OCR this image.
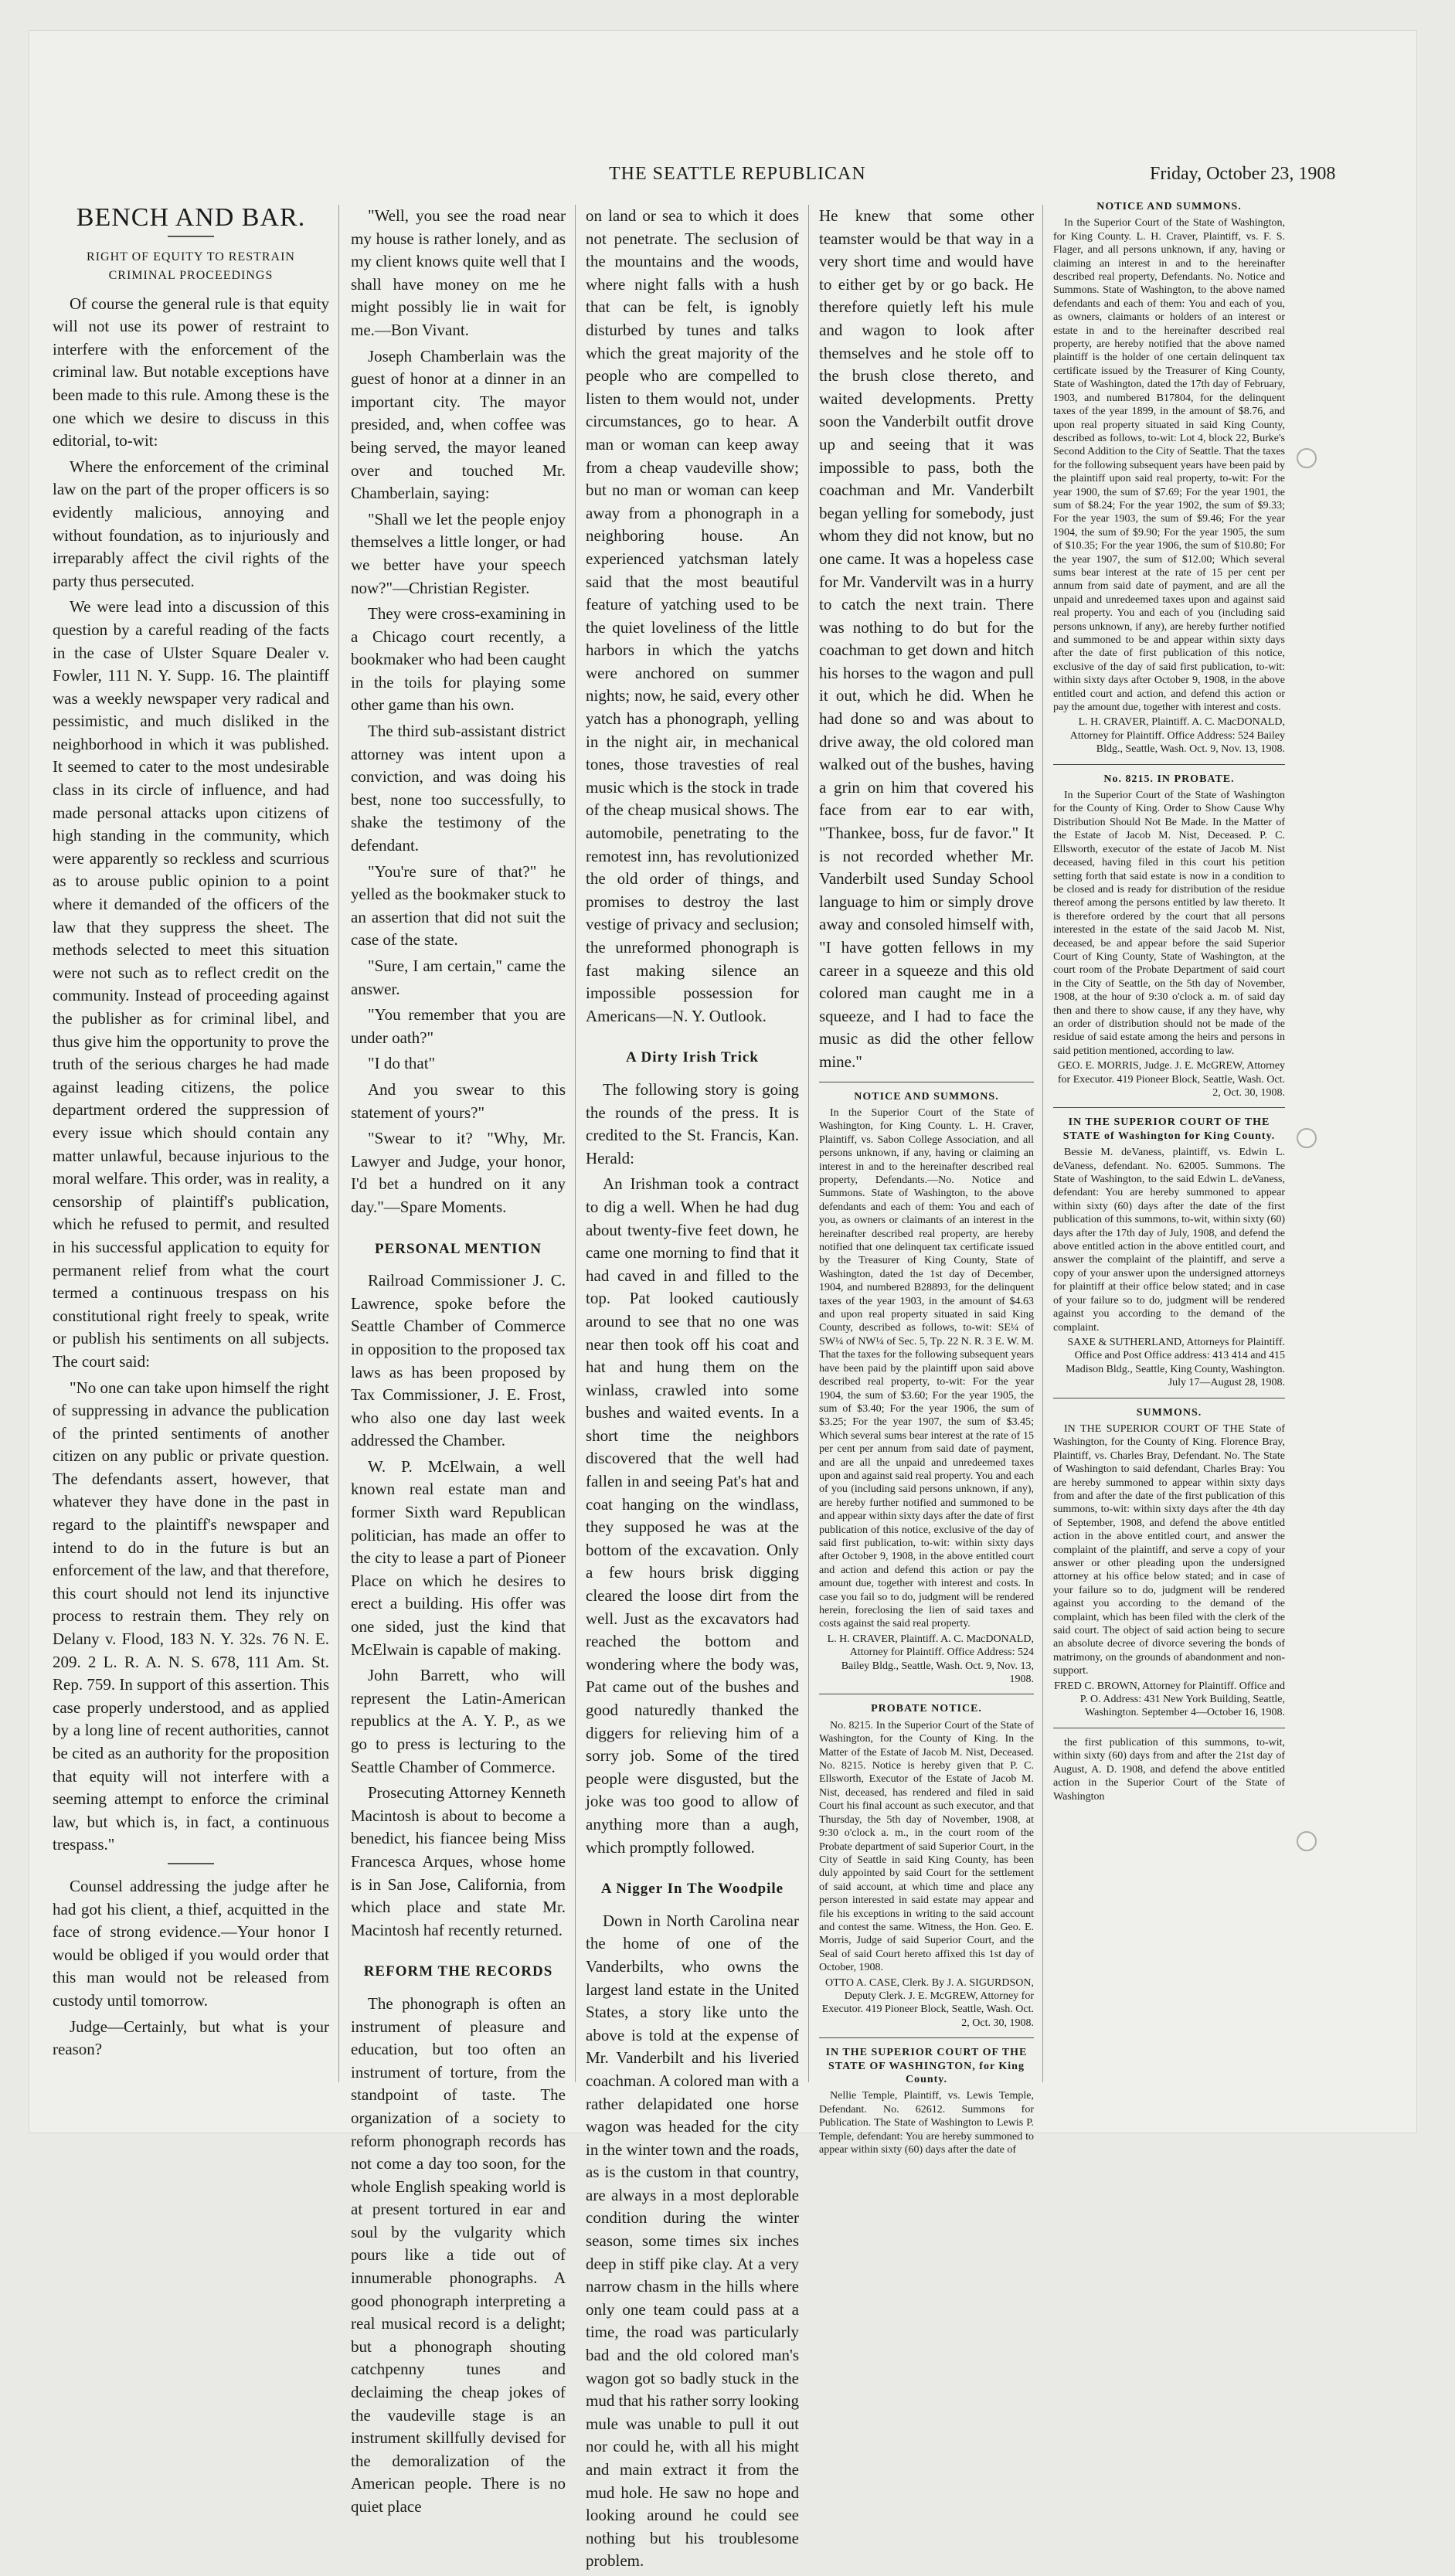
THE SEATTLE REPUBLICAN	Friday, October 23, 1908
BENCH AND BAR.
RIGHT OF EQUITY TO RESTRAIN CRIMINAL PROCEEDINGS

Of course the general rule is that equity will not use its power of restraint to interfere with the enforcement of the criminal law. But notable exceptions have been made to this rule. Among these is the one which we desire to discuss in this editorial, to-wit:

Where the enforcement of the criminal law on the part of the proper officers is so evidently malicious, annoying and without foundation, as to injuriously and irreparably affect the civil rights of the party thus persecuted.

We were lead into a discussion of this question by a careful reading of the facts in the case of Ulster Square Dealer v. Fowler, 111 N. Y. Supp. 16. The plaintiff was a weekly newspaper very radical and pessimistic, and much disliked in the neighborhood in which it was published. It seemed to cater to the most undesirable class in its circle of influence, and had made personal attacks upon citizens of high standing in the community, which were apparently so reckless and scurrious as to arouse public opinion to a point where it demanded of the officers of the law that they suppress the sheet. The methods selected to meet this situation were not such as to reflect credit on the community. Instead of proceeding against the publisher as for criminal libel, and thus give him the opportunity to prove the truth of the serious charges he had made against leading citizens, the police department ordered the suppression of every issue which should contain any matter unlawful, because injurious to the moral welfare. This order, was in reality, a censorship of plaintiff's publication, which he refused to permit, and resulted in his successful application to equity for permanent relief from what the court termed a continuous trespass on his constitutional right freely to speak, write or publish his sentiments on all subjects. The court said:

"No one can take upon himself the right of suppressing in advance the publication of the printed sentiments of another citizen on any public or private question. The defendants assert, however, that whatever they have done in the past in regard to the plaintiff's newspaper and intend to do in the future is but an enforcement of the law, and that therefore, this court should not lend its injunctive process to restrain them. They rely on Delany v. Flood, 183 N. Y. 32s. 76 N. E. 209. 2 L. R. A. N. S. 678, 111 Am. St. Rep. 759. In support of this assertion. This case properly understood, and as applied by a long line of recent authorities, cannot be cited as an authority for the proposition that equity will not interfere with a seeming attempt to enforce the criminal law, but which is, in fact, a continuous trespass."

Counsel addressing the judge after he had got his client, a thief, acquitted in the face of strong evidence.—Your honor I would be obliged if you would order that this man would not be released from custody until tomorrow.

Judge—Certainly, but what is your reason?

"Well, you see the road near my house is rather lonely, and as my client knows quite well that I shall have money on me he might possibly lie in wait for me.—Bon Vivant.

Joseph Chamberlain was the guest of honor at a dinner in an important city. The mayor presided, and, when coffee was being served, the mayor leaned over and touched Mr. Chamberlain, saying:

"Shall we let the people enjoy themselves a little longer, or had we better have your speech now?"—Christian Register.

They were cross-examining in a Chicago court recently, a bookmaker who had been caught in the toils for playing some other game than his own.

The third sub-assistant district attorney was intent upon a conviction, and was doing his best, none too successfully, to shake the testimony of the defendant.

"You're sure of that?" he yelled as the bookmaker stuck to an assertion that did not suit the case of the state.

"Sure, I am certain," came the answer.

"You remember that you are under oath?"

"I do that"

And you swear to this statement of yours?"

"Swear to it? "Why, Mr. Lawyer and Judge, your honor, I'd bet a hundred on it any day."—Spare Moments.

PERSONAL MENTION

Railroad Commissioner J. C. Lawrence, spoke before the Seattle Chamber of Commerce in opposition to the proposed tax laws as has been proposed by Tax Commissioner, J. E. Frost, who also one day last week addressed the Chamber.

W. P. McElwain, a well known real estate man and former Sixth ward Republican politician, has made an offer to the city to lease a part of Pioneer Place on which he desires to erect a building. His offer was one sided, just the kind that McElwain is capable of making.

John Barrett, who will represent the Latin-American republics at the A. Y. P., as we go to press is lecturing to the Seattle Chamber of Commerce.

Prosecuting Attorney Kenneth Macintosh is about to become a benedict, his fiancee being Miss Francesca Arques, whose home is in San Jose, California, from which place and state Mr. Macintosh haf recently returned.

REFORM THE RECORDS

The phonograph is often an instrument of pleasure and education, but too often an instrument of torture, from the standpoint of taste. The organization of a society to reform phonograph records has not come a day too soon, for the whole English speaking world is at present tortured in ear and soul by the vulgarity which pours like a tide out of innumerable phonographs. A good phonograph interpreting a real musical record is a delight; but a phonograph shouting catchpenny tunes and declaiming the cheap jokes of the vaudeville stage is an instrument skillfully devised for the demoralization of the American people. There is no quiet place

on land or sea to which it does not penetrate. The seclusion of the mountains and the woods, where night falls with a hush that can be felt, is ignobly disturbed by tunes and talks which the great majority of the people who are compelled to listen to them would not, under circumstances, go to hear. A man or woman can keep away from a cheap vaudeville show; but no man or woman can keep away from a phonograph in a neighboring house. An experienced yatchsman lately said that the most beautiful feature of yatching used to be the quiet loveliness of the little harbors in which the yatchs were anchored on summer nights; now, he said, every other yatch has a phonograph, yelling in the night air, in mechanical tones, those travesties of real music which is the stock in trade of the cheap musical shows. The automobile, penetrating to the remotest inn, has revolutionized the old order of things, and promises to destroy the last vestige of privacy and seclusion; the unreformed phonograph is fast making silence an impossible possession for Americans—N. Y. Outlook.

A Dirty Irish Trick

The following story is going the rounds of the press. It is credited to the St. Francis, Kan. Herald:

An Irishman took a contract to dig a well. When he had dug about twenty-five feet down, he came one morning to find that it had caved in and filled to the top. Pat looked cautiously around to see that no one was near then took off his coat and hat and hung them on the winlass, crawled into some bushes and waited events. In a short time the neighbors discovered that the well had fallen in and seeing Pat's hat and coat hanging on the windlass, they supposed he was at the bottom of the excavation. Only a few hours brisk digging cleared the loose dirt from the well. Just as the excavators had reached the bottom and wondering where the body was, Pat came out of the bushes and good naturedly thanked the diggers for relieving him of a sorry job. Some of the tired people were disgusted, but the joke was too good to allow of anything more than a augh, which promptly followed.

A Nigger In The Woodpile

Down in North Carolina near the home of one of the Vanderbilts, who owns the largest land estate in the United States, a story like unto the above is told at the expense of Mr. Vanderbilt and his liveried coachman. A colored man with a rather delapidated one horse wagon was headed for the city in the winter town and the roads, as is the custom in that country, are always in a most deplorable condition during the winter season, some times six inches deep in stiff pike clay. At a very narrow chasm in the hills where only one team could pass at a time, the road was particularly bad and the old colored man's wagon got so badly stuck in the mud that his rather sorry looking mule was unable to pull it out nor could he, with all his might and main extract it from the mud hole. He saw no hope and looking around he could see nothing but his troublesome problem.

He knew that some other teamster would be that way in a very short time and would have to either get by or go back. He therefore quietly left his mule and wagon to look after themselves and he stole off to the brush close thereto, and waited developments. Pretty soon the Vanderbilt outfit drove up and seeing that it was impossible to pass, both the coachman and Mr. Vanderbilt began yelling for somebody, just whom they did not know, but no one came. It was a hopeless case for Mr. Vandervilt was in a hurry to catch the next train. There was nothing to do but for the coachman to get down and hitch his horses to the wagon and pull it out, which he did. When he had done so and was about to drive away, the old colored man walked out of the bushes, having a grin on him that covered his face from ear to ear with, "Thankee, boss, fur de favor." It is not recorded whether Mr. Vanderbilt used Sunday School language to him or simply drove away and consoled himself with, "I have gotten fellows in my career in a squeeze and this old colored man caught me in a squeeze, and I had to face the music as did the other fellow mine."

NOTICE AND SUMMONS.

In the Superior Court of the State of Washington, for King County. L. H. Craver, Plaintiff, vs. Sabon College Association, and all persons unknown, if any, having or claiming an interest in and to the hereinafter described real property, Defendants.—No. Notice and Summons. State of Washington, to the above defendants and each of them: You and each of you, as owners or claimants of an interest in the hereinafter described real property, are hereby notified that one delinquent tax certificate issued by the Treasurer of King County, State of Washington, dated the 1st day of December, 1904, and numbered B28893, for the delinquent taxes of the year 1903, in the amount of $4.63 and upon real property situated in said King County, described as follows, to-wit: SE¼ of SW¼ of NW¼ of Sec. 5, Tp. 22 N. R. 3 E. W. M. That the taxes for the following subsequent years have been paid by the plaintiff upon said above described real property, to-wit: For the year 1904, the sum of $3.60; For the year 1905, the sum of $3.40; For the year 1906, the sum of $3.25; For the year 1907, the sum of $3.45; Which several sums bear interest at the rate of 15 per cent per annum from said date of payment, and are all the unpaid and unredeemed taxes upon and against said real property. You and each of you (including said persons unknown, if any), are hereby further notified and summoned to be and appear within sixty days after the date of first publication of this notice, exclusive of the day of said first publication, to-wit: within sixty days after October 9, 1908, in the above entitled court and action and defend this action or pay the amount due, together with interest and costs. In case you fail so to do, judgment will be rendered herein, foreclosing the lien of said taxes and costs against the said real property.

L. H. CRAVER, Plaintiff. A. C. MacDONALD, Attorney for Plaintiff. Office Address: 524 Bailey Bldg., Seattle, Wash. Oct. 9, Nov. 13, 1908.

PROBATE NOTICE.

No. 8215. In the Superior Court of the State of Washington, for the County of King. In the Matter of the Estate of Jacob M. Nist, Deceased. No. 8215. Notice is hereby given that P. C. Ellsworth, Executor of the Estate of Jacob M. Nist, deceased, has rendered and filed in said Court his final account as such executor, and that Thursday, the 5th day of November, 1908, at 9:30 o'clock a. m., in the court room of the Probate department of said Superior Court, in the City of Seattle in said King County, has been duly appointed by said Court for the settlement of said account, at which time and place any person interested in said estate may appear and file his exceptions in writing to the said account and contest the same. Witness, the Hon. Geo. E. Morris, Judge of said Superior Court, and the Seal of said Court hereto affixed this 1st day of October, 1908.

OTTO A. CASE, Clerk. By J. A. SIGURDSON, Deputy Clerk. J. E. McGREW, Attorney for Executor. 419 Pioneer Block, Seattle, Wash. Oct. 2, Oct. 30, 1908.

IN THE SUPERIOR COURT OF THE STATE OF WASHINGTON, for King County.

Nellie Temple, Plaintiff, vs. Lewis Temple, Defendant. No. 62612. Summons for Publication. The State of Washington to Lewis P. Temple, defendant: You are hereby summoned to appear within sixty (60) days after the date of

NOTICE AND SUMMONS.

In the Superior Court of the State of Washington, for King County. L. H. Craver, Plaintiff, vs. F. S. Flager, and all persons unknown, if any, having or claiming an interest in and to the hereinafter described real property, Defendants. No. Notice and Summons. State of Washington, to the above named defendants and each of them: You and each of you, as owners, claimants or holders of an interest or estate in and to the hereinafter described real property, are hereby notified that the above named plaintiff is the holder of one certain delinquent tax certificate issued by the Treasurer of King County, State of Washington, dated the 17th day of February, 1903, and numbered B17804, for the delinquent taxes of the year 1899, in the amount of $8.76, and upon real property situated in said King County, described as follows, to-wit: Lot 4, block 22, Burke's Second Addition to the City of Seattle. That the taxes for the following subsequent years have been paid by the plaintiff upon said real property, to-wit: For the year 1900, the sum of $7.69; For the year 1901, the sum of $8.24; For the year 1902, the sum of $9.33; For the year 1903, the sum of $9.46; For the year 1904, the sum of $9.90; For the year 1905, the sum of $10.35; For the year 1906, the sum of $10.80; For the year 1907, the sum of $12.00; Which several sums bear interest at the rate of 15 per cent per annum from said date of payment, and are all the unpaid and unredeemed taxes upon and against said real property. You and each of you (including said persons unknown, if any), are hereby further notified and summoned to be and appear within sixty days after the date of first publication of this notice, exclusive of the day of said first publication, to-wit: within sixty days after October 9, 1908, in the above entitled court and action, and defend this action or pay the amount due, together with interest and costs.

L. H. CRAVER, Plaintiff. A. C. MacDONALD, Attorney for Plaintiff. Office Address: 524 Bailey Bldg., Seattle, Wash. Oct. 9, Nov. 13, 1908.

No. 8215. IN PROBATE.

In the Superior Court of the State of Washington for the County of King. Order to Show Cause Why Distribution Should Not Be Made. In the Matter of the Estate of Jacob M. Nist, Deceased. P. C. Ellsworth, executor of the estate of Jacob M. Nist deceased, having filed in this court his petition setting forth that said estate is now in a condition to be closed and is ready for distribution of the residue thereof among the persons entitled by law thereto. It is therefore ordered by the court that all persons interested in the estate of the said Jacob M. Nist, deceased, be and appear before the said Superior Court of King County, State of Washington, at the court room of the Probate Department of said court in the City of Seattle, on the 5th day of November, 1908, at the hour of 9:30 o'clock a. m. of said day then and there to show cause, if any they have, why an order of distribution should not be made of the residue of said estate among the heirs and persons in said petition mentioned, according to law.

GEO. E. MORRIS, Judge. J. E. McGREW, Attorney for Executor. 419 Pioneer Block, Seattle, Wash. Oct. 2, Oct. 30, 1908.

IN THE SUPERIOR COURT OF THE STATE of Washington for King County.

Bessie M. deVaness, plaintiff, vs. Edwin L. deVaness, defendant. No. 62005. Summons. The State of Washington, to the said Edwin L. deVaness, defendant: You are hereby summoned to appear within sixty (60) days after the date of the first publication of this summons, to-wit, within sixty (60) days after the 17th day of July, 1908, and defend the above entitled action in the above entitled court, and answer the complaint of the plaintiff, and serve a copy of your answer upon the undersigned attorneys for plaintiff at their office below stated; and in case of your failure so to do, judgment will be rendered against you according to the demand of the complaint.

SAXE & SUTHERLAND, Attorneys for Plaintiff. Office and Post Office address: 413 414 and 415 Madison Bldg., Seattle, King County, Washington. July 17—August 28, 1908.

SUMMONS.

IN THE SUPERIOR COURT OF THE State of Washington, for the County of King. Florence Bray, Plaintiff, vs. Charles Bray, Defendant. No. The State of Washington to said defendant, Charles Bray: You are hereby summoned to appear within sixty days from and after the date of the first publication of this summons, to-wit: within sixty days after the 4th day of September, 1908, and defend the above entitled action in the above entitled court, and answer the complaint of the plaintiff, and serve a copy of your answer or other pleading upon the undersigned attorney at his office below stated; and in case of your failure so to do, judgment will be rendered against you according to the demand of the complaint, which has been filed with the clerk of the said court. The object of said action being to secure an absolute decree of divorce severing the bonds of matrimony, on the grounds of abandonment and non-support.

FRED C. BROWN, Attorney for Plaintiff. Office and P. O. Address: 431 New York Building, Seattle, Washington. September 4—October 16, 1908.

the first publication of this summons, to-wit, within sixty (60) days from and after the 21st day of August, A. D. 1908, and defend the above entitled action in the Superior Court of the State of Washington
